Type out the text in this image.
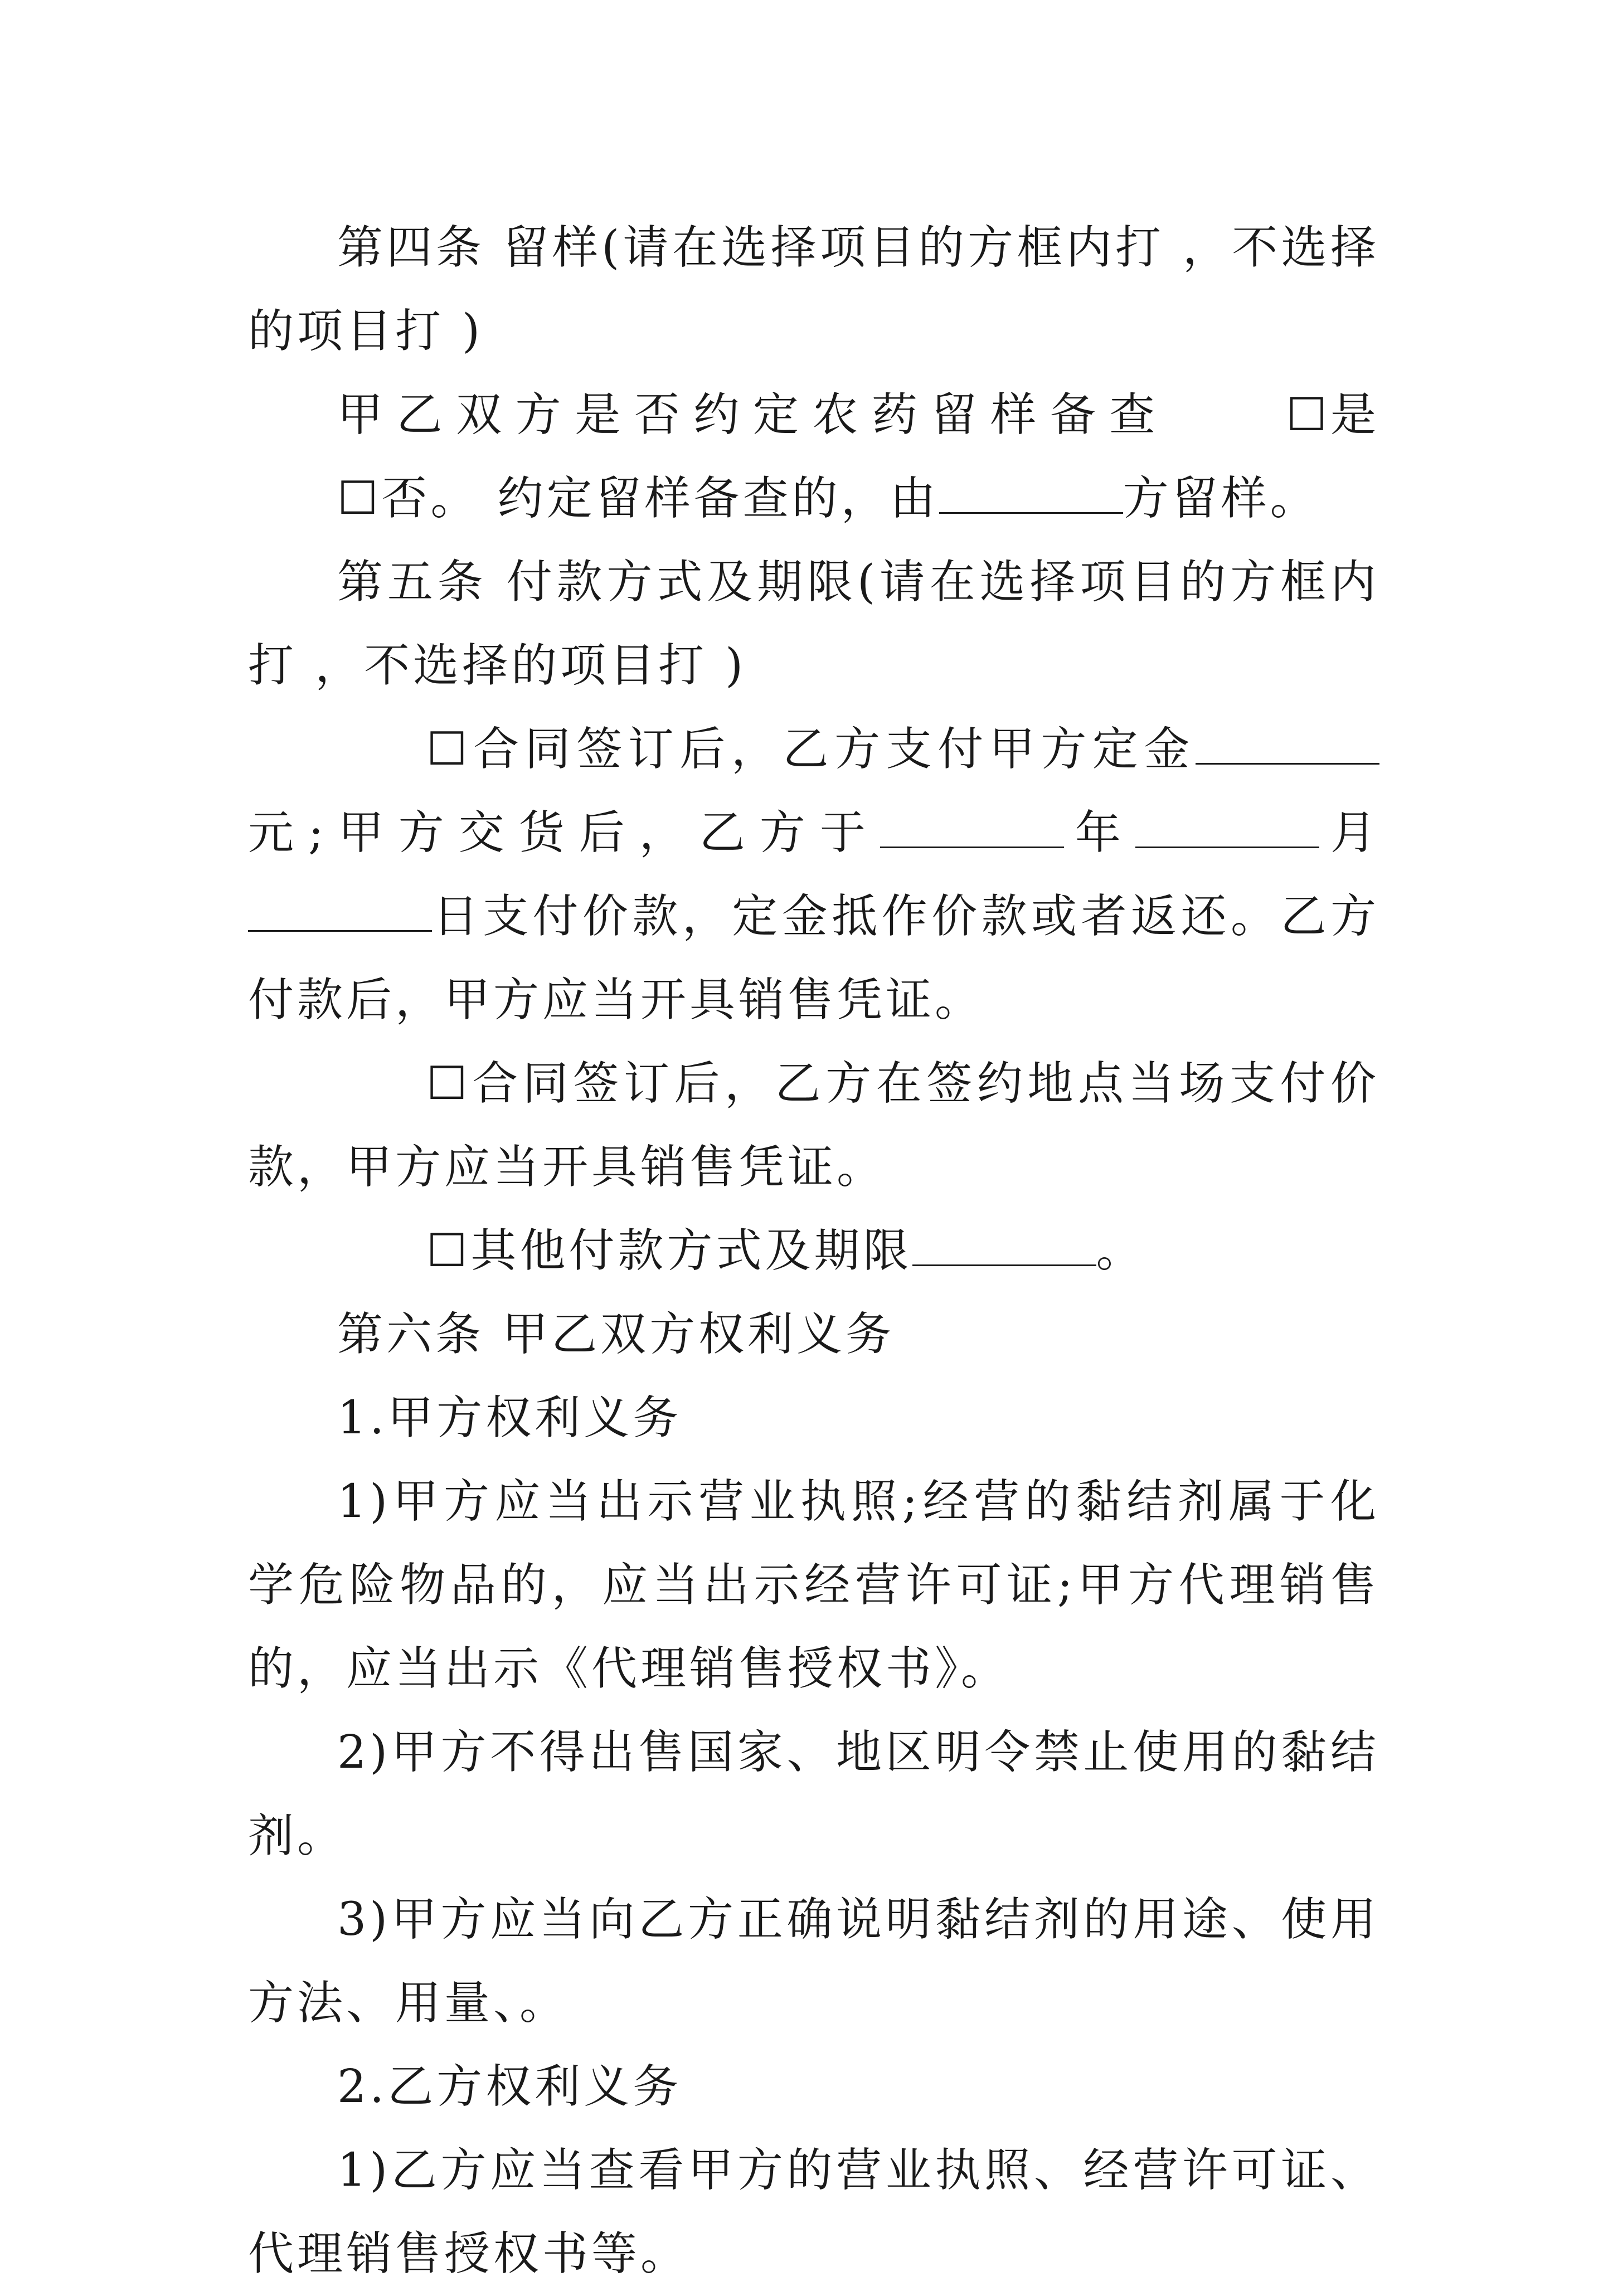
第四条 留样(请在选择项目的方框内打 ，不选择的项目打 )

甲乙双方是否约定农药留样备查 ☐是 ☐否。 约定留样备查的，由	方留样。

第五条 付款方式及期限(请在选择项目的方框内打 ，不选择的项目打 )

☐合同签订后，乙方支付甲方定金元;甲方交货后，乙方于	年	月日支付价款，定金抵作价款或者返还。乙方付款后，甲方应当开具销售凭证。

☐合同签订后，乙方在签约地点当场支付价款，甲方应当开具销售凭证。

☐其他付款方式及期限	。

第六条 甲乙双方权利义务

1.甲方权利义务

1)甲方应当出示营业执照;经营的黏结剂属于化学危险物品的，应当出示经营许可证;甲方代理销售的，应当出示《代理销售授权书》。

2)甲方不得出售国家、地区明令禁止使用的黏结剂。

3)甲方应当向乙方正确说明黏结剂的用途、使用方法、用量、。

2.乙方权利义务

1)乙方应当查看甲方的营业执照、经营许可证、代理销售授权书等。
